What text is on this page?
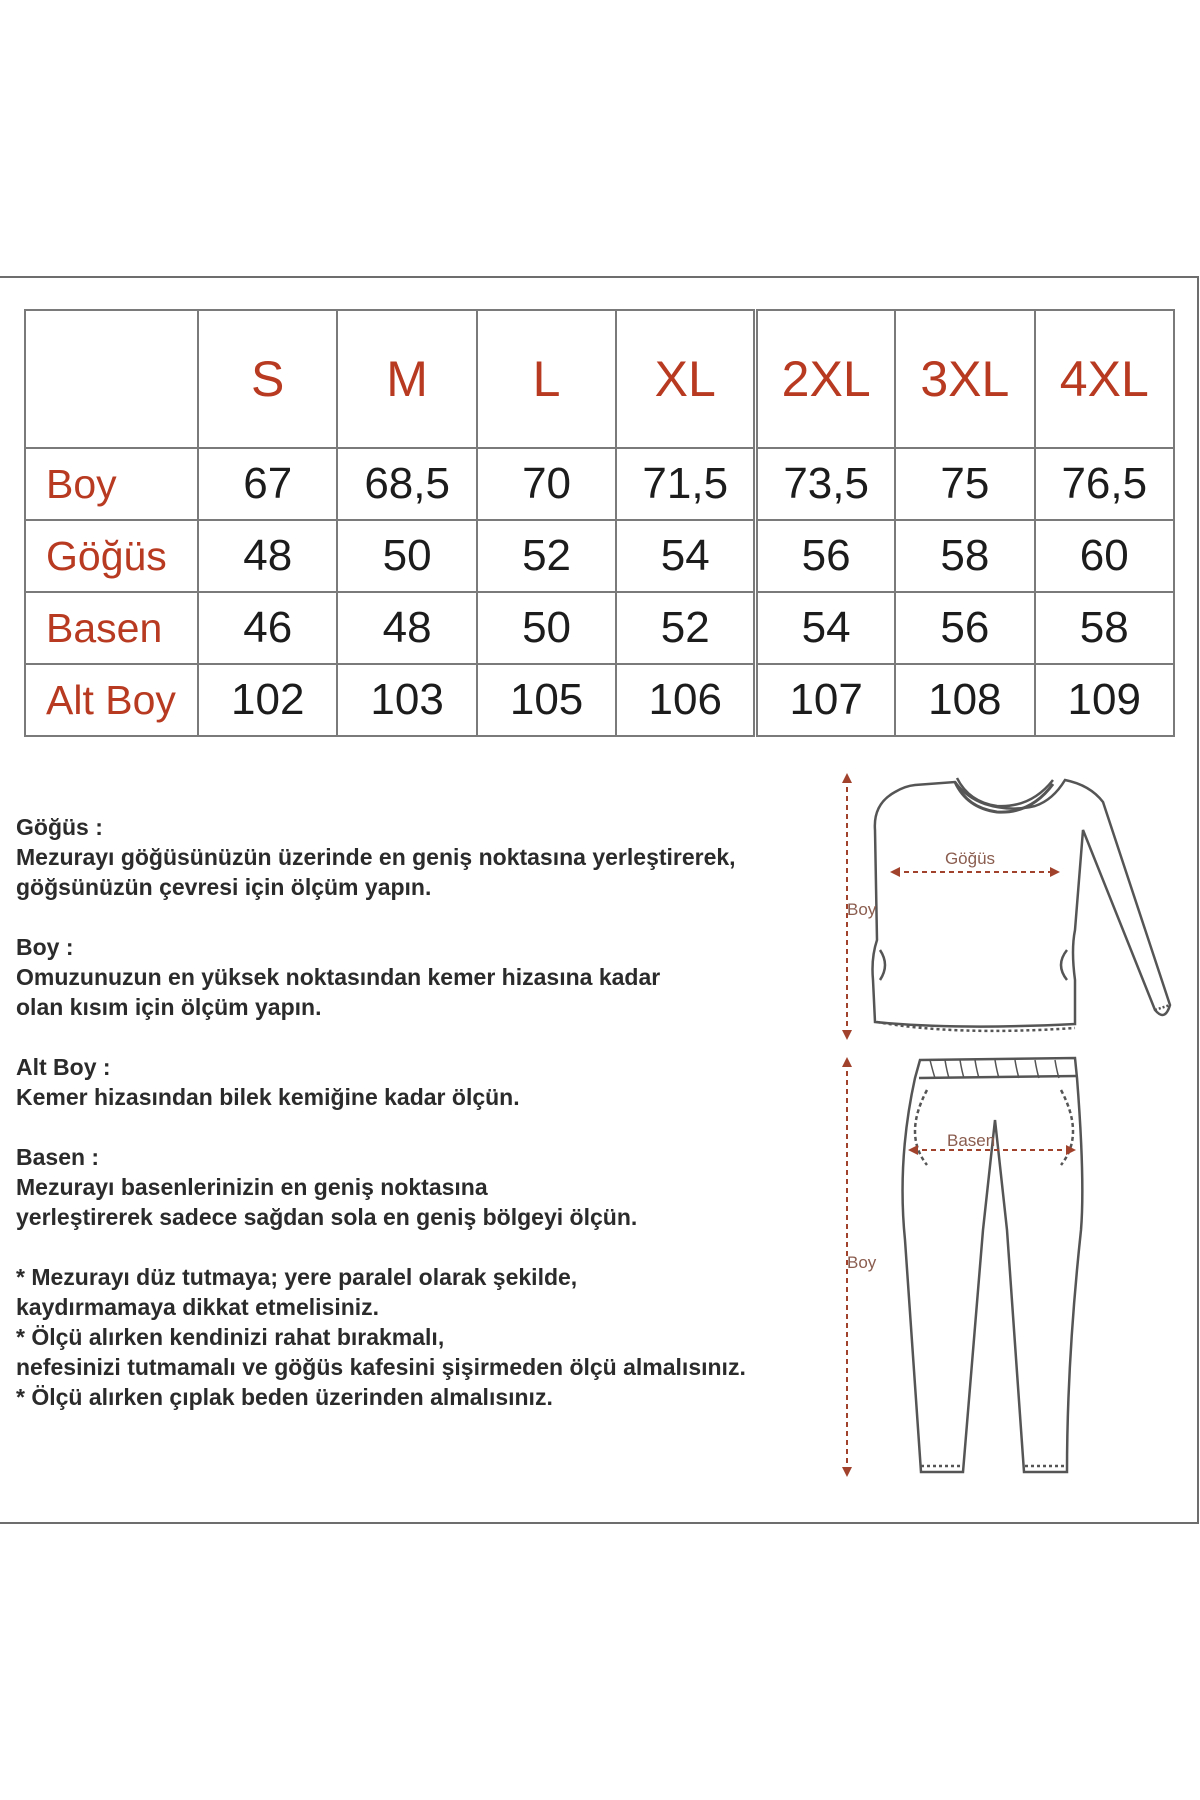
	S	M	L	XL	2XL	3XL	4XL
Boy	67	68,5	70	71,5	73,5	75	76,5
Göğüs	48	50	52	54	56	58	60
Basen	46	48	50	52	54	56	58
Alt Boy	102	103	105	106	107	108	109

Göğüs :

Mezurayı göğüsünüzün üzerinde en geniş noktasına yerleştirerek,

göğsünüzün çevresi için ölçüm yapın.

Boy :

Omuzunuzun en yüksek noktasından kemer hizasına kadar

olan kısım için ölçüm yapın.

Alt Boy :

Kemer hizasından bilek kemiğine kadar ölçün.

Basen :

Mezurayı basenlerinizin en geniş noktasına

yerleştirerek sadece sağdan sola en geniş bölgeyi ölçün.

* Mezurayı düz tutmaya; yere paralel olarak şekilde,

kaydırmamaya dikkat etmelisiniz.

* Ölçü alırken kendinizi rahat bırakmalı,

nefesinizi tutmamalı ve göğüs kafesini şişirmeden ölçü almalısınız.

* Ölçü alırken çıplak beden üzerinden almalısınız.

Boy
Göğüs
Boy
Basen
